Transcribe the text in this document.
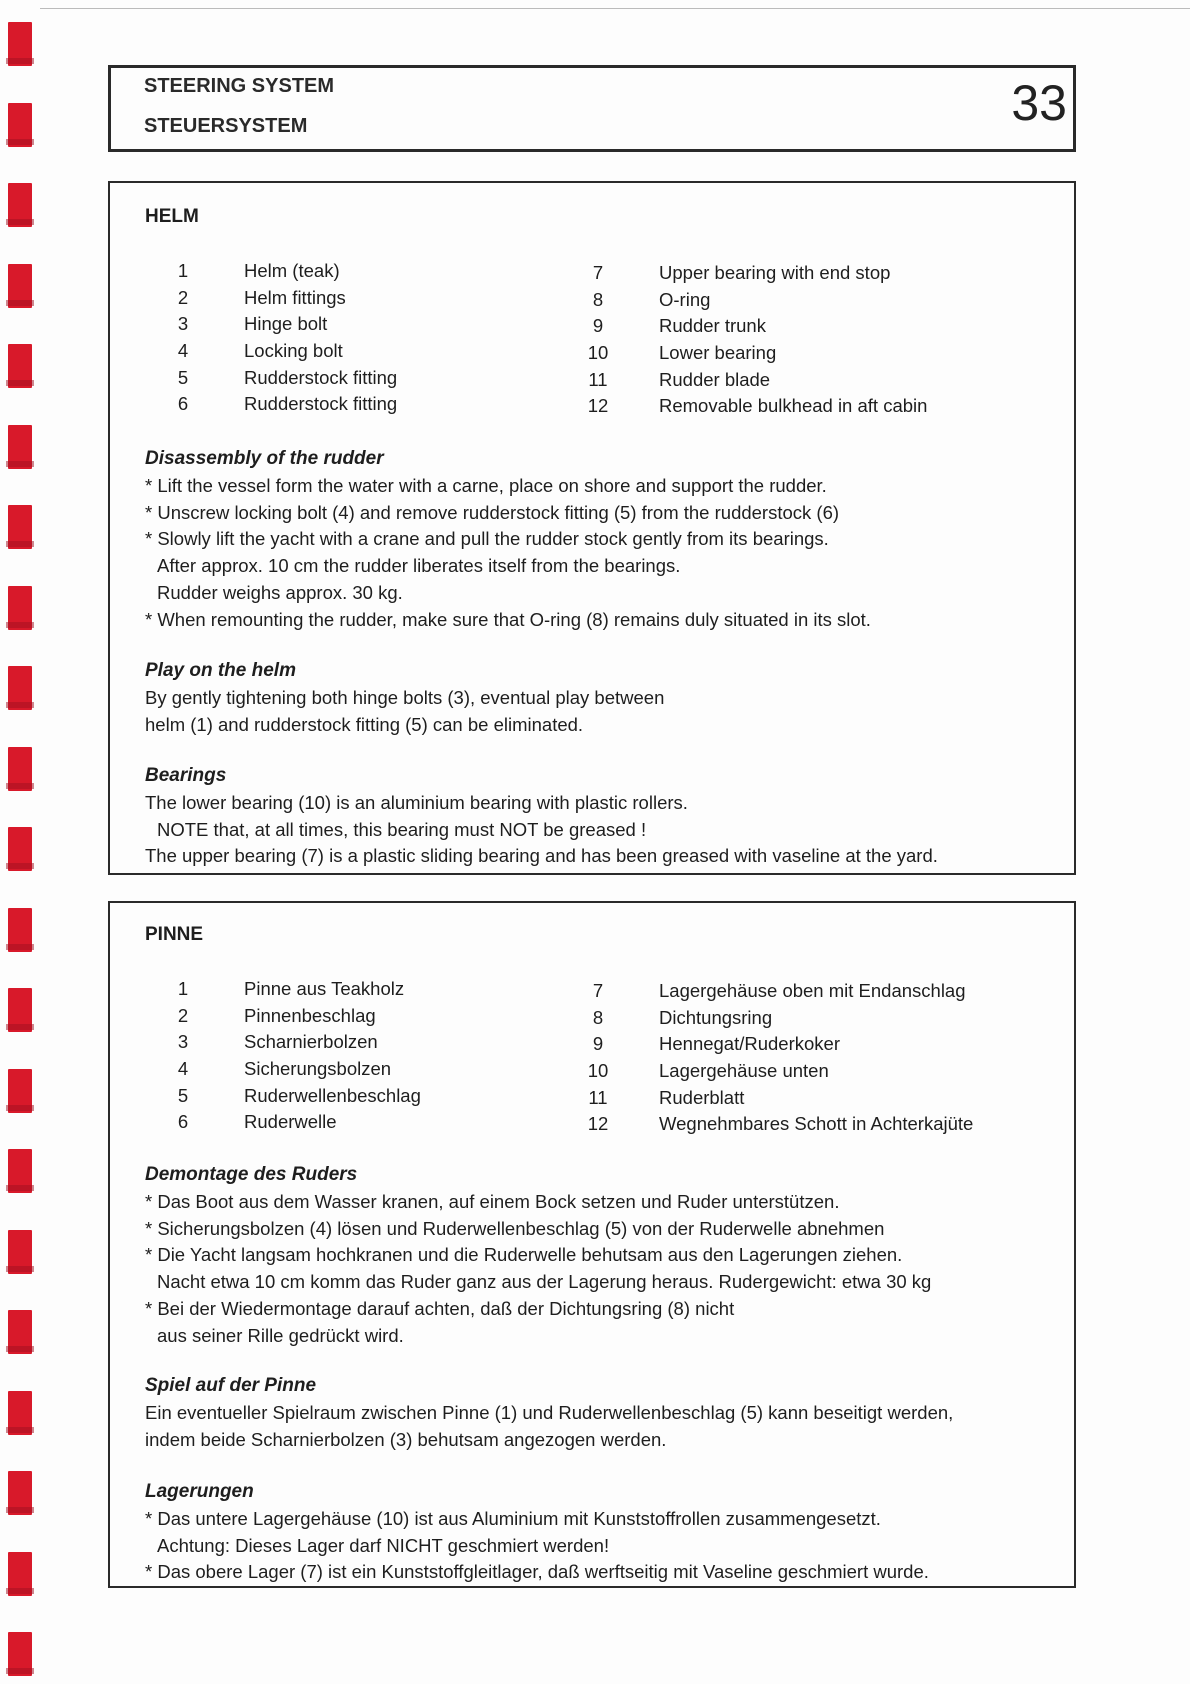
STEERING SYSTEM
STEUERSYSTEM	33
HELM
1	Helm (teak)
2	Helm fittings
3	Hinge bolt
4	Locking bolt
5	Rudderstock fitting
6	Rudderstock fitting
7	Upper bearing with end stop
8	O-ring
9	Rudder trunk
10	Lower bearing
11	Rudder blade
12	Removable bulkhead in aft cabin
Disassembly of the rudder
* Lift the vessel form the water with a carne, place on shore and support the rudder.
* Unscrew locking bolt (4) and remove rudderstock fitting (5) from the rudderstock (6)
* Slowly lift the yacht with a crane and pull the rudder stock gently from its bearings.
After approx. 10 cm the rudder liberates itself from the bearings.
Rudder weighs approx. 30 kg.
* When remounting the rudder, make sure that O-ring (8) remains duly situated in its slot.
Play on the helm
By gently tightening both hinge bolts (3), eventual play between
helm (1) and rudderstock fitting (5) can be eliminated.
Bearings
The lower bearing (10) is an aluminium bearing with plastic rollers.
NOTE that, at all times, this bearing must NOT be greased !
The upper bearing (7) is a plastic sliding bearing and has been greased with vaseline at the yard.
PINNE
1	Pinne aus Teakholz
2	Pinnenbeschlag
3	Scharnierbolzen
4	Sicherungsbolzen
5	Ruderwellenbeschlag
6	Ruderwelle
7	Lagergehäuse oben mit Endanschlag
8	Dichtungsring
9	Hennegat/Ruderkoker
10	Lagergehäuse unten
11	Ruderblatt
12	Wegnehmbares Schott in Achterkajüte
Demontage des Ruders
* Das Boot aus dem Wasser kranen, auf einem Bock setzen und Ruder unterstützen.
* Sicherungsbolzen (4) lösen und Ruderwellenbeschlag (5) von der Ruderwelle abnehmen
* Die Yacht langsam hochkranen und die Ruderwelle behutsam aus den Lagerungen ziehen.
Nacht etwa 10 cm komm das Ruder ganz aus der Lagerung heraus. Rudergewicht: etwa 30 kg
* Bei der Wiedermontage darauf achten, daß der Dichtungsring (8) nicht
aus seiner Rille gedrückt wird.
Spiel auf der Pinne
Ein eventueller Spielraum zwischen Pinne (1) und Ruderwellenbeschlag (5) kann beseitigt werden,
indem beide Scharnierbolzen (3) behutsam angezogen werden.
Lagerungen
* Das untere Lagergehäuse (10) ist aus Aluminium mit Kunststoffrollen zusammengesetzt.
Achtung: Dieses Lager darf NICHT geschmiert werden!
* Das obere Lager (7) ist ein Kunststoffgleitlager, daß werftseitig mit Vaseline geschmiert wurde.
